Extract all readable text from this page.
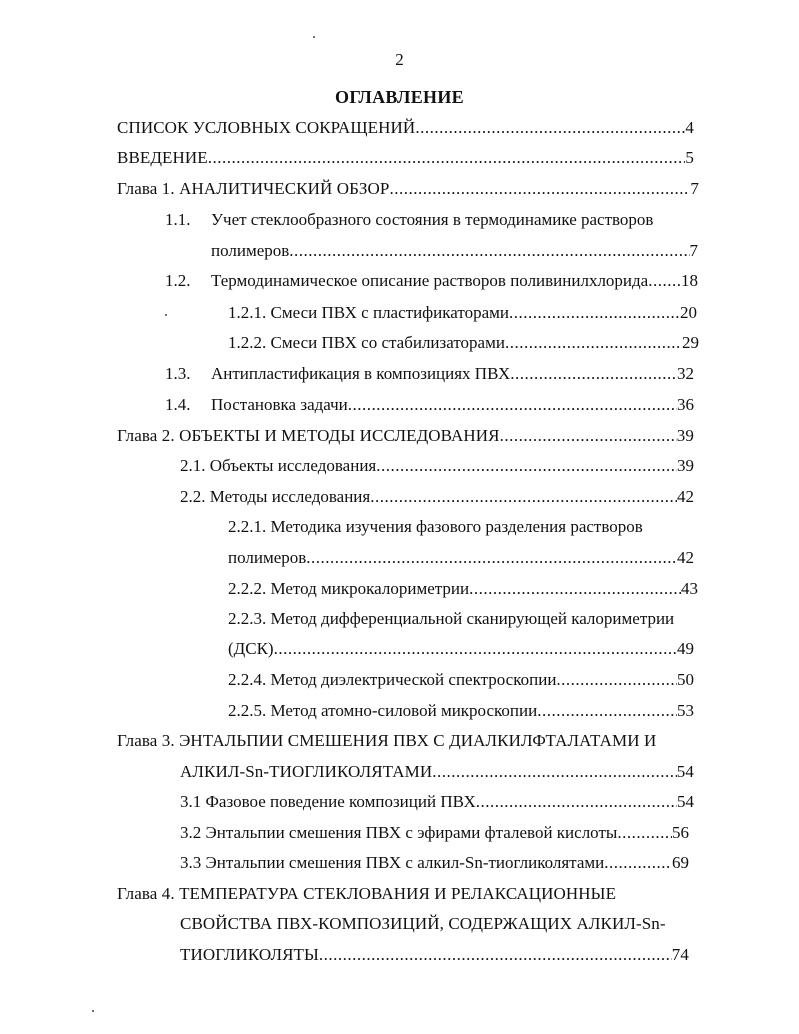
2
ОГЛАВЛЕНИЕ
СПИСОК УСЛОВНЫХ СОКРАЩЕНИЙ .....	4
ВВЕДЕНИЕ .....	5
Глава 1. АНАЛИТИЧЕСКИЙ ОБЗОР .....	7
1.1. Учет стеклообразного состояния в термодинамике растворов
полимеров .....	7
1.2. Термодинамическое описание растворов поливинилхлорида ..... 18
1.2.1. Смеси ПВХ с пластификаторами .....	20
1.2.2. Смеси ПВХ со стабилизаторами .....	29
1.3. Антипластификация в композициях ПВХ .....	32
1.4. Постановка задачи .....	36
Глава 2. ОБЪЕКТЫ И МЕТОДЫ ИССЛЕДОВАНИЯ .....	39
2.1. Объекты исследования .....	39
2.2. Методы исследования .....	42
2.2.1. Методика изучения фазового разделения растворов
полимеров .....	42
2.2.2. Метод микрокалориметрии .....	43
2.2.3. Метод дифференциальной сканирующей калориметрии
(ДСК) .....	49
2.2.4. Метод диэлектрической спектроскопии .....	50
2.2.5. Метод атомно-силовой микроскопии .....	53
Глава 3. ЭНТАЛЬПИИ СМЕШЕНИЯ ПВХ С ДИАЛКИЛФТАЛАТАМИ И
АЛКИЛ-Sn-ТИОГЛИКОЛЯТАМИ .....	54
3.1 Фазовое поведение композиций ПВХ .....	54
3.2 Энтальпии смешения ПВХ с эфирами фталевой кислоты .....	56
3.3 Энтальпии смешения ПВХ с алкил-Sn-тиогликолятами .....	69
Глава 4. ТЕМПЕРАТУРА СТЕКЛОВАНИЯ И РЕЛАКСАЦИОННЫЕ
СВОЙСТВА ПВХ-КОМПОЗИЦИЙ, СОДЕРЖАЩИХ АЛКИЛ-Sn-
ТИОГЛИКОЛЯТЫ .....	74
